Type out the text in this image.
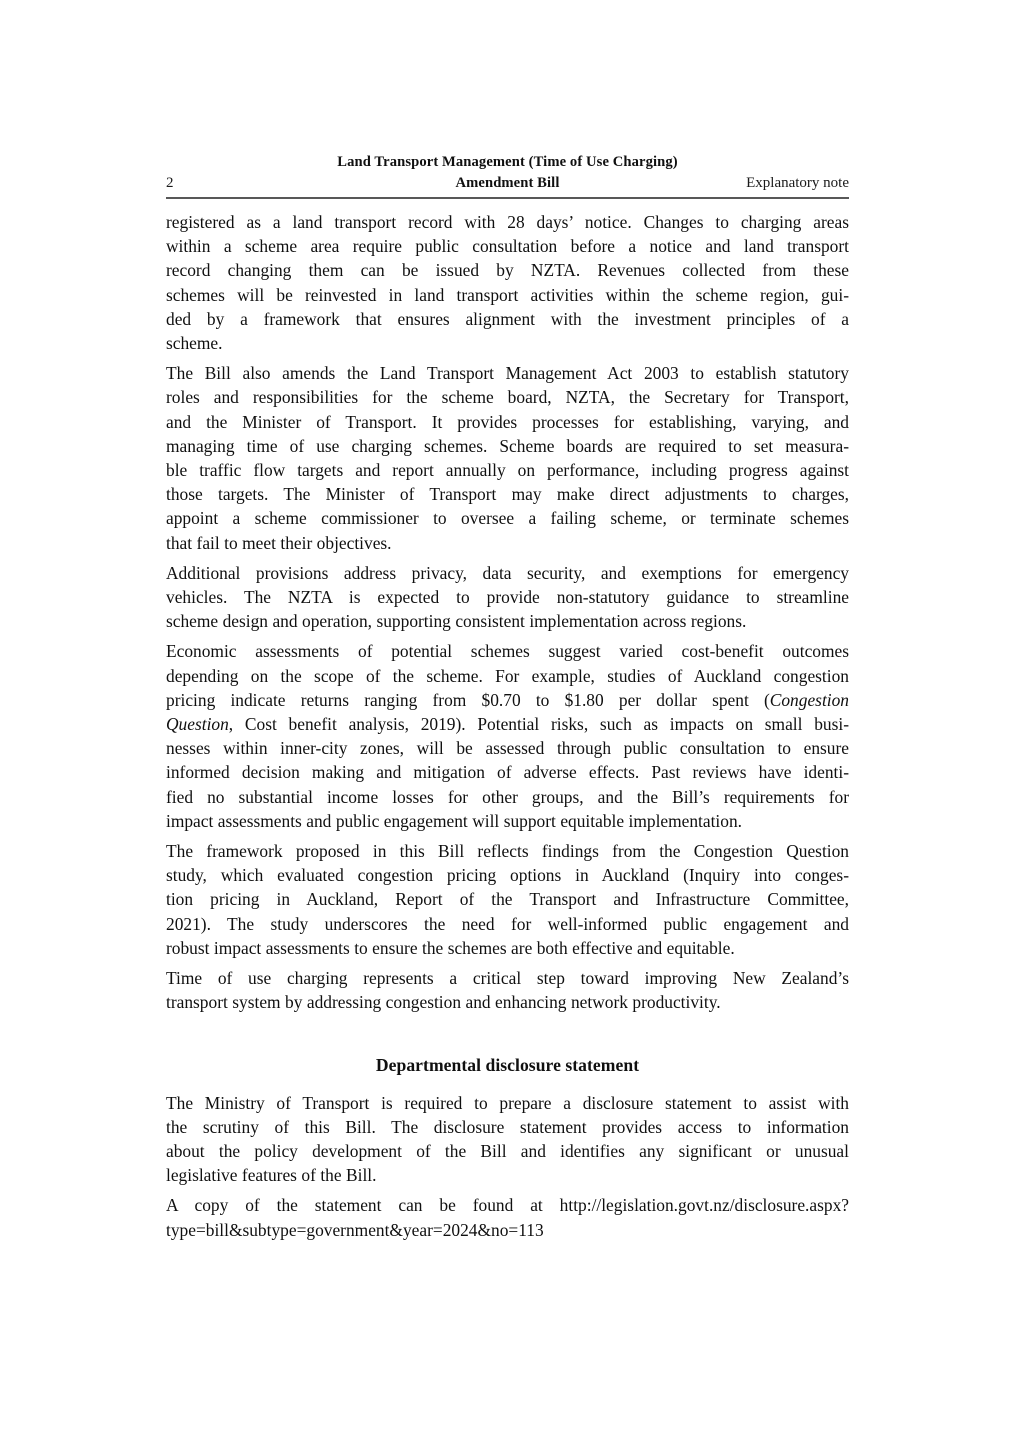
Land Transport Management (Time of Use Charging)
Amendment Bill
2	Explanatory note

registered as a land transport record with 28 days’ notice. Changes to charging areas
within a scheme area require public consultation before a notice and land transport
record changing them can be issued by NZTA. Revenues collected from these
schemes will be reinvested in land transport activities within the scheme region, gui-
ded by a framework that ensures alignment with the investment principles of a
scheme.

The Bill also amends the Land Transport Management Act 2003 to establish statutory
roles and responsibilities for the scheme board, NZTA, the Secretary for Transport,
and the Minister of Transport. It provides processes for establishing, varying, and
managing time of use charging schemes. Scheme boards are required to set measura-
ble traffic flow targets and report annually on performance, including progress against
those targets. The Minister of Transport may make direct adjustments to charges,
appoint a scheme commissioner to oversee a failing scheme, or terminate schemes
that fail to meet their objectives.

Additional provisions address privacy, data security, and exemptions for emergency
vehicles. The NZTA is expected to provide non-statutory guidance to streamline
scheme design and operation, supporting consistent implementation across regions.

Economic assessments of potential schemes suggest varied cost-benefit outcomes
depending on the scope of the scheme. For example, studies of Auckland congestion
pricing indicate returns ranging from $0.70 to $1.80 per dollar spent (Congestion
Question, Cost benefit analysis, 2019). Potential risks, such as impacts on small busi-
nesses within inner-city zones, will be assessed through public consultation to ensure
informed decision making and mitigation of adverse effects. Past reviews have identi-
fied no substantial income losses for other groups, and the Bill’s requirements for
impact assessments and public engagement will support equitable implementation.

The framework proposed in this Bill reflects findings from the Congestion Question
study, which evaluated congestion pricing options in Auckland (Inquiry into conges-
tion pricing in Auckland, Report of the Transport and Infrastructure Committee,
2021). The study underscores the need for well-informed public engagement and
robust impact assessments to ensure the schemes are both effective and equitable.

Time of use charging represents a critical step toward improving New Zealand’s
transport system by addressing congestion and enhancing network productivity.

Departmental disclosure statement

The Ministry of Transport is required to prepare a disclosure statement to assist with
the scrutiny of this Bill. The disclosure statement provides access to information
about the policy development of the Bill and identifies any significant or unusual
legislative features of the Bill.

A copy of the statement can be found at http://legislation.govt.nz/disclosure.aspx?
type=bill&subtype=government&year=2024&no=113
